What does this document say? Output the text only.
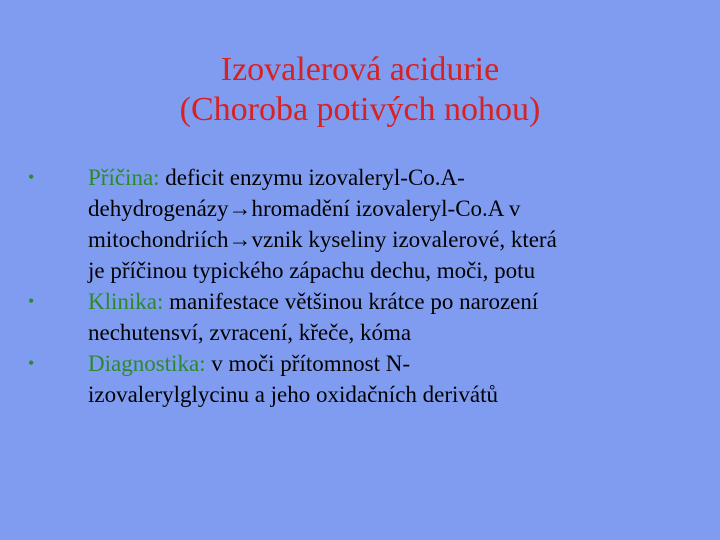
Izovalerová acidurie
(Choroba potivých nohou)
• Příčina: deficit enzymu izovaleryl-Co.A-
dehydrogenázy→hromadění izovaleryl-Co.A v
mitochondriích→vznik kyseliny izovalerové, která
je příčinou typického zápachu dechu, moči, potu
• Klinika: manifestace většinou krátce po narození
nechutensví, zvracení, křeče, kóma
• Diagnostika: v moči přítomnost N-
izovalerylglycinu a jeho oxidačních derivátů
